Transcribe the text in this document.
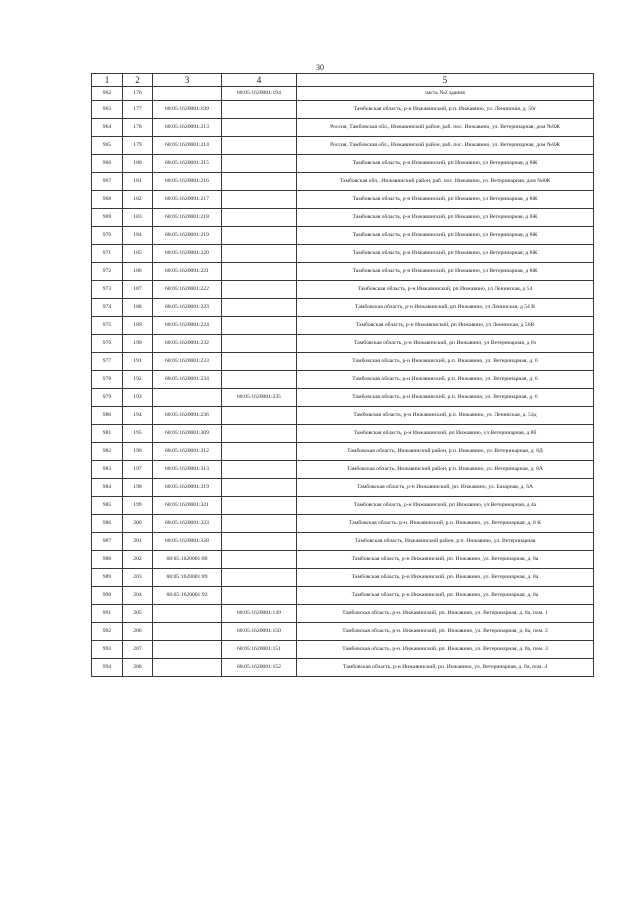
30
1	2	3	4	5
962	176		68:05:1620001:194	часть №2 здания
963	177	68:05:1620001:199		Тамбовская область, р-н Инжавинский, р.п. Инжавино, ул. Ленинская, д. 56г
964	178	68:05:1620001:213		Россия, Тамбовская обл., Инжавинский район, раб. пос. Инжавино, ул. Ветеринарная, дом №8Ж
965	179	68:05:1620001:214		Россия, Тамбовская обл., Инжавинский район, раб. пос. Инжавино, ул. Ветеринарная, дом №8Ж
966	180	68:05:1620001:215		Тамбовская область, р-н Инжавинский, рп Инжавино, ул Ветеринарная, д 8Ж
967	181	68:05:1620001:216		Тамбовская обл., Инжавинский район, раб. пос. Инжавино, ул. Ветеринарная, дом №8Ж
968	182	68:05:1620001:217		Тамбовская область, р-н Инжавинский, рп Инжавино, ул Ветеринарная, д 8Ж
969	183	68:05:1620001:218		Тамбовская область, р-н Инжавинский, рп Инжавино, ул Ветеринарная, д 8Ж
970	184	68:05:1620001:219		Тамбовская область, р-н Инжавинский, рп Инжавино, ул Ветеринарная, д 8Ж
971	185	68:05:1620001:220		Тамбовская область, р-н Инжавинский, рп Инжавино, ул Ветеринарная, д 8Ж
972	186	68:05:1620001:221		Тамбовская область, р-н Инжавинский, рп Инжавино, ул Ветеринарная, д 8Ж
973	187	68:05:1620001:222		Тамбовская область, р-н Инжавинский, рп Инжавино, ул Ленинская, д 54
974	188	68:05:1620001:223		Тамбовская область, р-н Инжавинский, рп Инжавино, ул Ленинская, д 54 В
975	189	68:05:1620001:224		Тамбовская область, р-н Инжавинский, рп Инжавино, ул Ленинская, д 56В
976	190	68:05:1620001:232		Тамбовская область, р-н Инжавинский, рп Инжавино, ул Ветеринарная, д 8з
977	191	68:05:1620001:233		Тамбовская область, р-н Инжавинский, р.п. Инжавино, ул. Ветеринарная, д. 6
978	192	68:05:1620001:234		Тамбовская область, р-н Инжавинский, р.п. Инжавино, ул. Ветеринарная, д. 6
979	193		68:05:1620001:235	Тамбовская область, р-н Инжавинский, р.п. Инжавино, ул. Ветеринарная, д. 6
980	194	68:05:1620001:236		Тамбовская область, р-н Инжавинский, р.п. Инжавино, ул. Ленинская, д. 54д
981	195	68:05:1620001:309		Тамбовская область, р-н Инжавинский, рп Инжавино, ул Ветеринарная, д 8б
982	196	68:05:1620001:312		Тамбовская область, Инжавинский район, р.п. Инжавино, ул. Ветеринарная, д. 8Д
983	197	68:05:1620001:313		Тамбовская область, Инжавинский район, р.п. Инжавино, ул. Ветеринарная, д. 8А
984	198	68:05:1620001:319		Тамбовская область, р-н Инжавинский, рп. Инжавино, ул. Базарная, д. 6А
985	199	68:05:1620001:321		Тамбовская область, р-н Инжавинский, рп Инжавино, ул Ветеринарная, д 4а
986	200	68:05:1620001:323		Тамбовская область, р-н. Инжавинский, р.п. Инжавино, ул. Ветеринарная, д. 8 К
987	201	68:05:1620001:328		Тамбовская область, Инжавинский район, р.п. Инжавино, ул. Ветеринарная
988	202	68:05:1620001:88		Тамбовская область, р-н Инжавинский, рп. Инжавино, ул. Ветеринарная, д. 8а
989	203	68:05:1620001:89		Тамбовская область, р-н Инжавинский, рп. Инжавино, ул. Ветеринарная, д. 8а
990	204	68:05:1620001:92		Тамбовская область, р-н Инжавинский, рп. Инжавино, ул. Ветеринарная, д. 8а
991	205		68:05:1620001:149	Тамбовская область, р-н. Инжавинский, рп. Инжавино, ул. Ветеринарная, д. 8а, пом. 1
992	206		68:05:1620001:150	Тамбовская область, р-н. Инжавинский, рп. Инжавино, ул. Ветеринарная, д. 8а, пом. 2
993	207		68:05:1620001:151	Тамбовская область, р-н. Инжавинский, рп. Инжавино, ул. Ветеринарная, д. 8а, пом. 3
994	208		68:05:1620001:152	Тамбовская область, р-н Инжавинский, рп. Инжавино, ул. Ветеринарная, д. 8а, пом. 4
